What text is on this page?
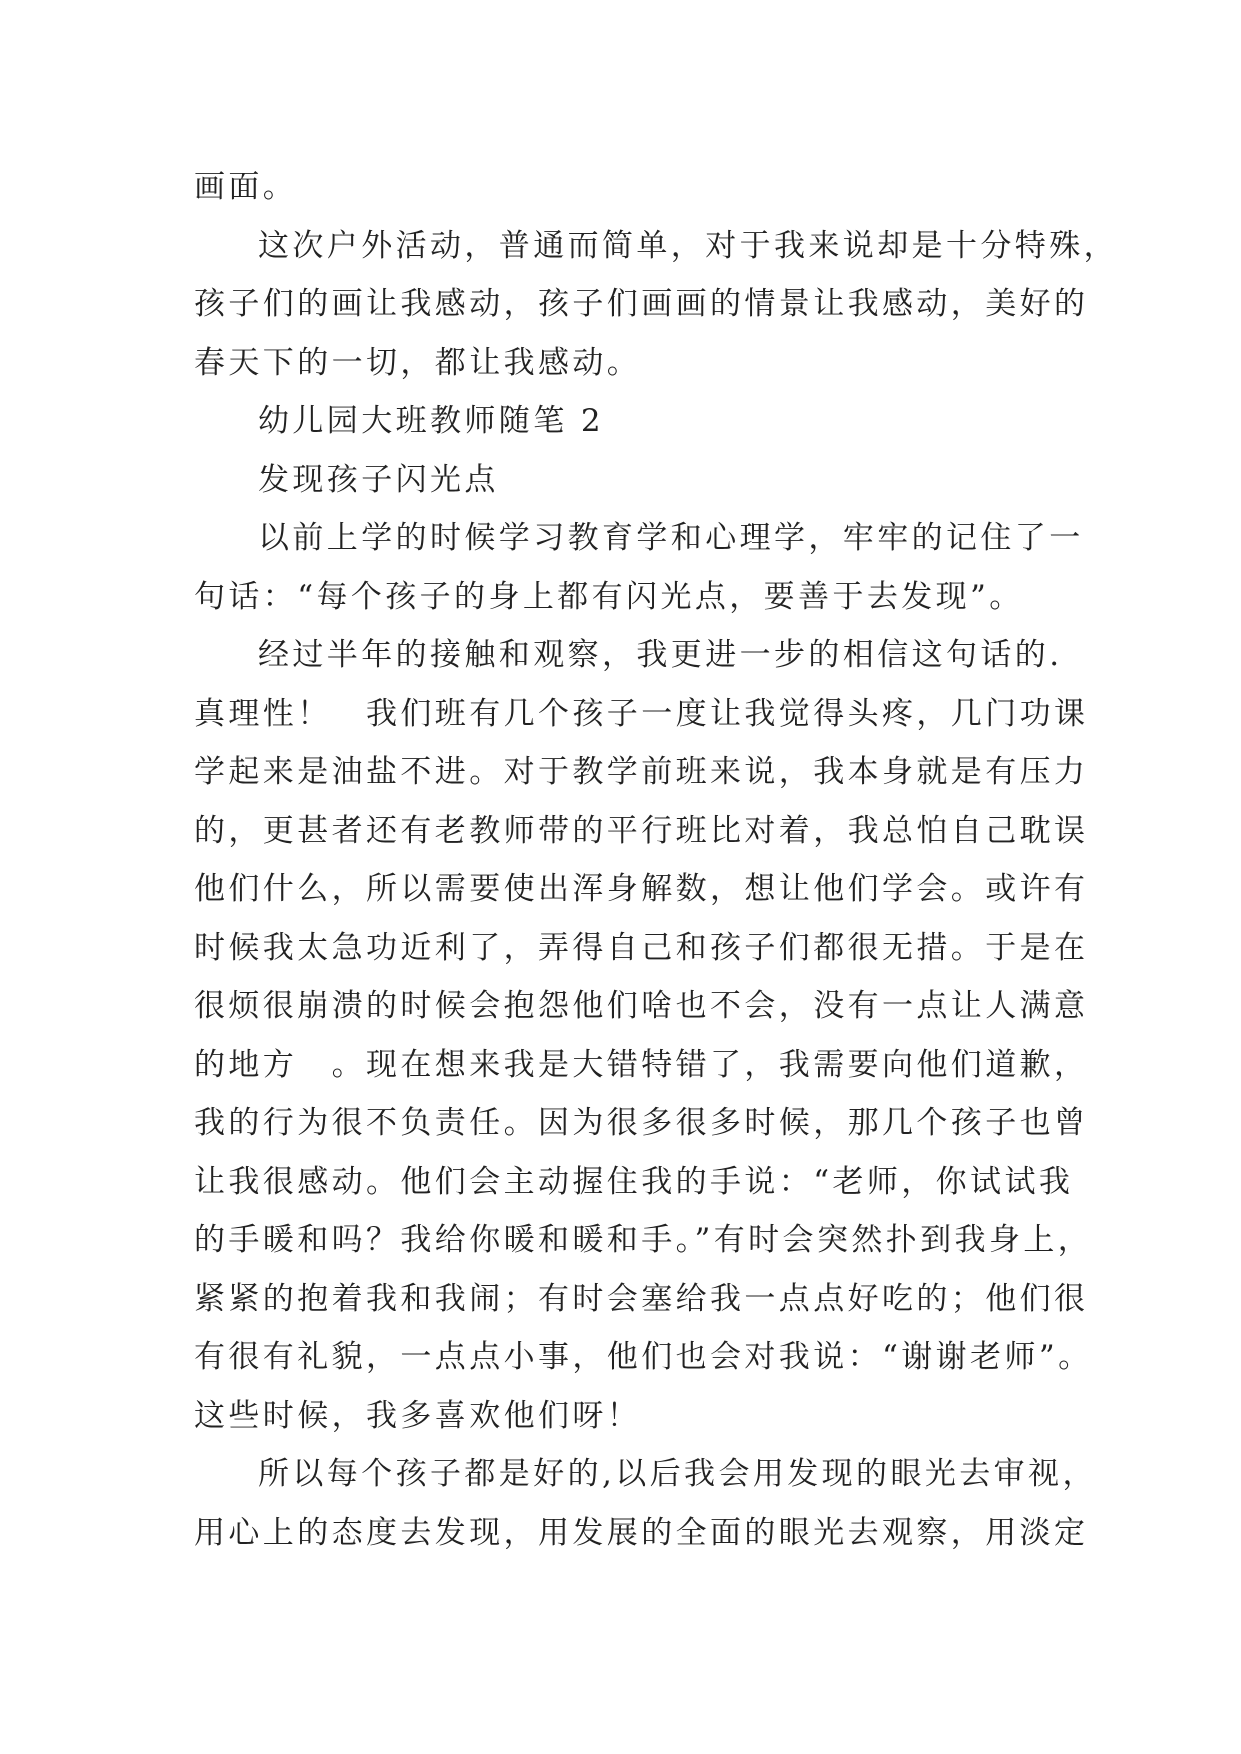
画面。
这次户外活动，普通而简单，对于我来说却是十分特殊，
孩子们的画让我感动，孩子们画画的情景让我感动，美好的
春天下的一切，都让我感动。
幼儿园大班教师随笔 2
发现孩子闪光点
以前上学的时候学习教育学和心理学，牢牢的记住了一
句话：“每个孩子的身上都有闪光点，要善于去发现”。
经过半年的接触和观察，我更进一步的相信这句话的.
真理性！　我们班有几个孩子一度让我觉得头疼，几门功课
学起来是油盐不进。对于教学前班来说，我本身就是有压力
的，更甚者还有老教师带的平行班比对着，我总怕自己耽误
他们什么，所以需要使出浑身解数，想让他们学会。或许有
时候我太急功近利了，弄得自己和孩子们都很无措。于是在
很烦很崩溃的时候会抱怨他们啥也不会，没有一点让人满意
的地方　。现在想来我是大错特错了，我需要向他们道歉，
我的行为很不负责任。因为很多很多时候，那几个孩子也曾
让我很感动。他们会主动握住我的手说：“老师，你试试我
的手暖和吗？我给你暖和暖和手。”有时会突然扑到我身上，
紧紧的抱着我和我闹；有时会塞给我一点点好吃的；他们很
有很有礼貌，一点点小事，他们也会对我说：“谢谢老师”。
这些时候，我多喜欢他们呀！
所以每个孩子都是好的,以后我会用发现的眼光去审视，
用心上的态度去发现，用发展的全面的眼光去观察，用淡定
